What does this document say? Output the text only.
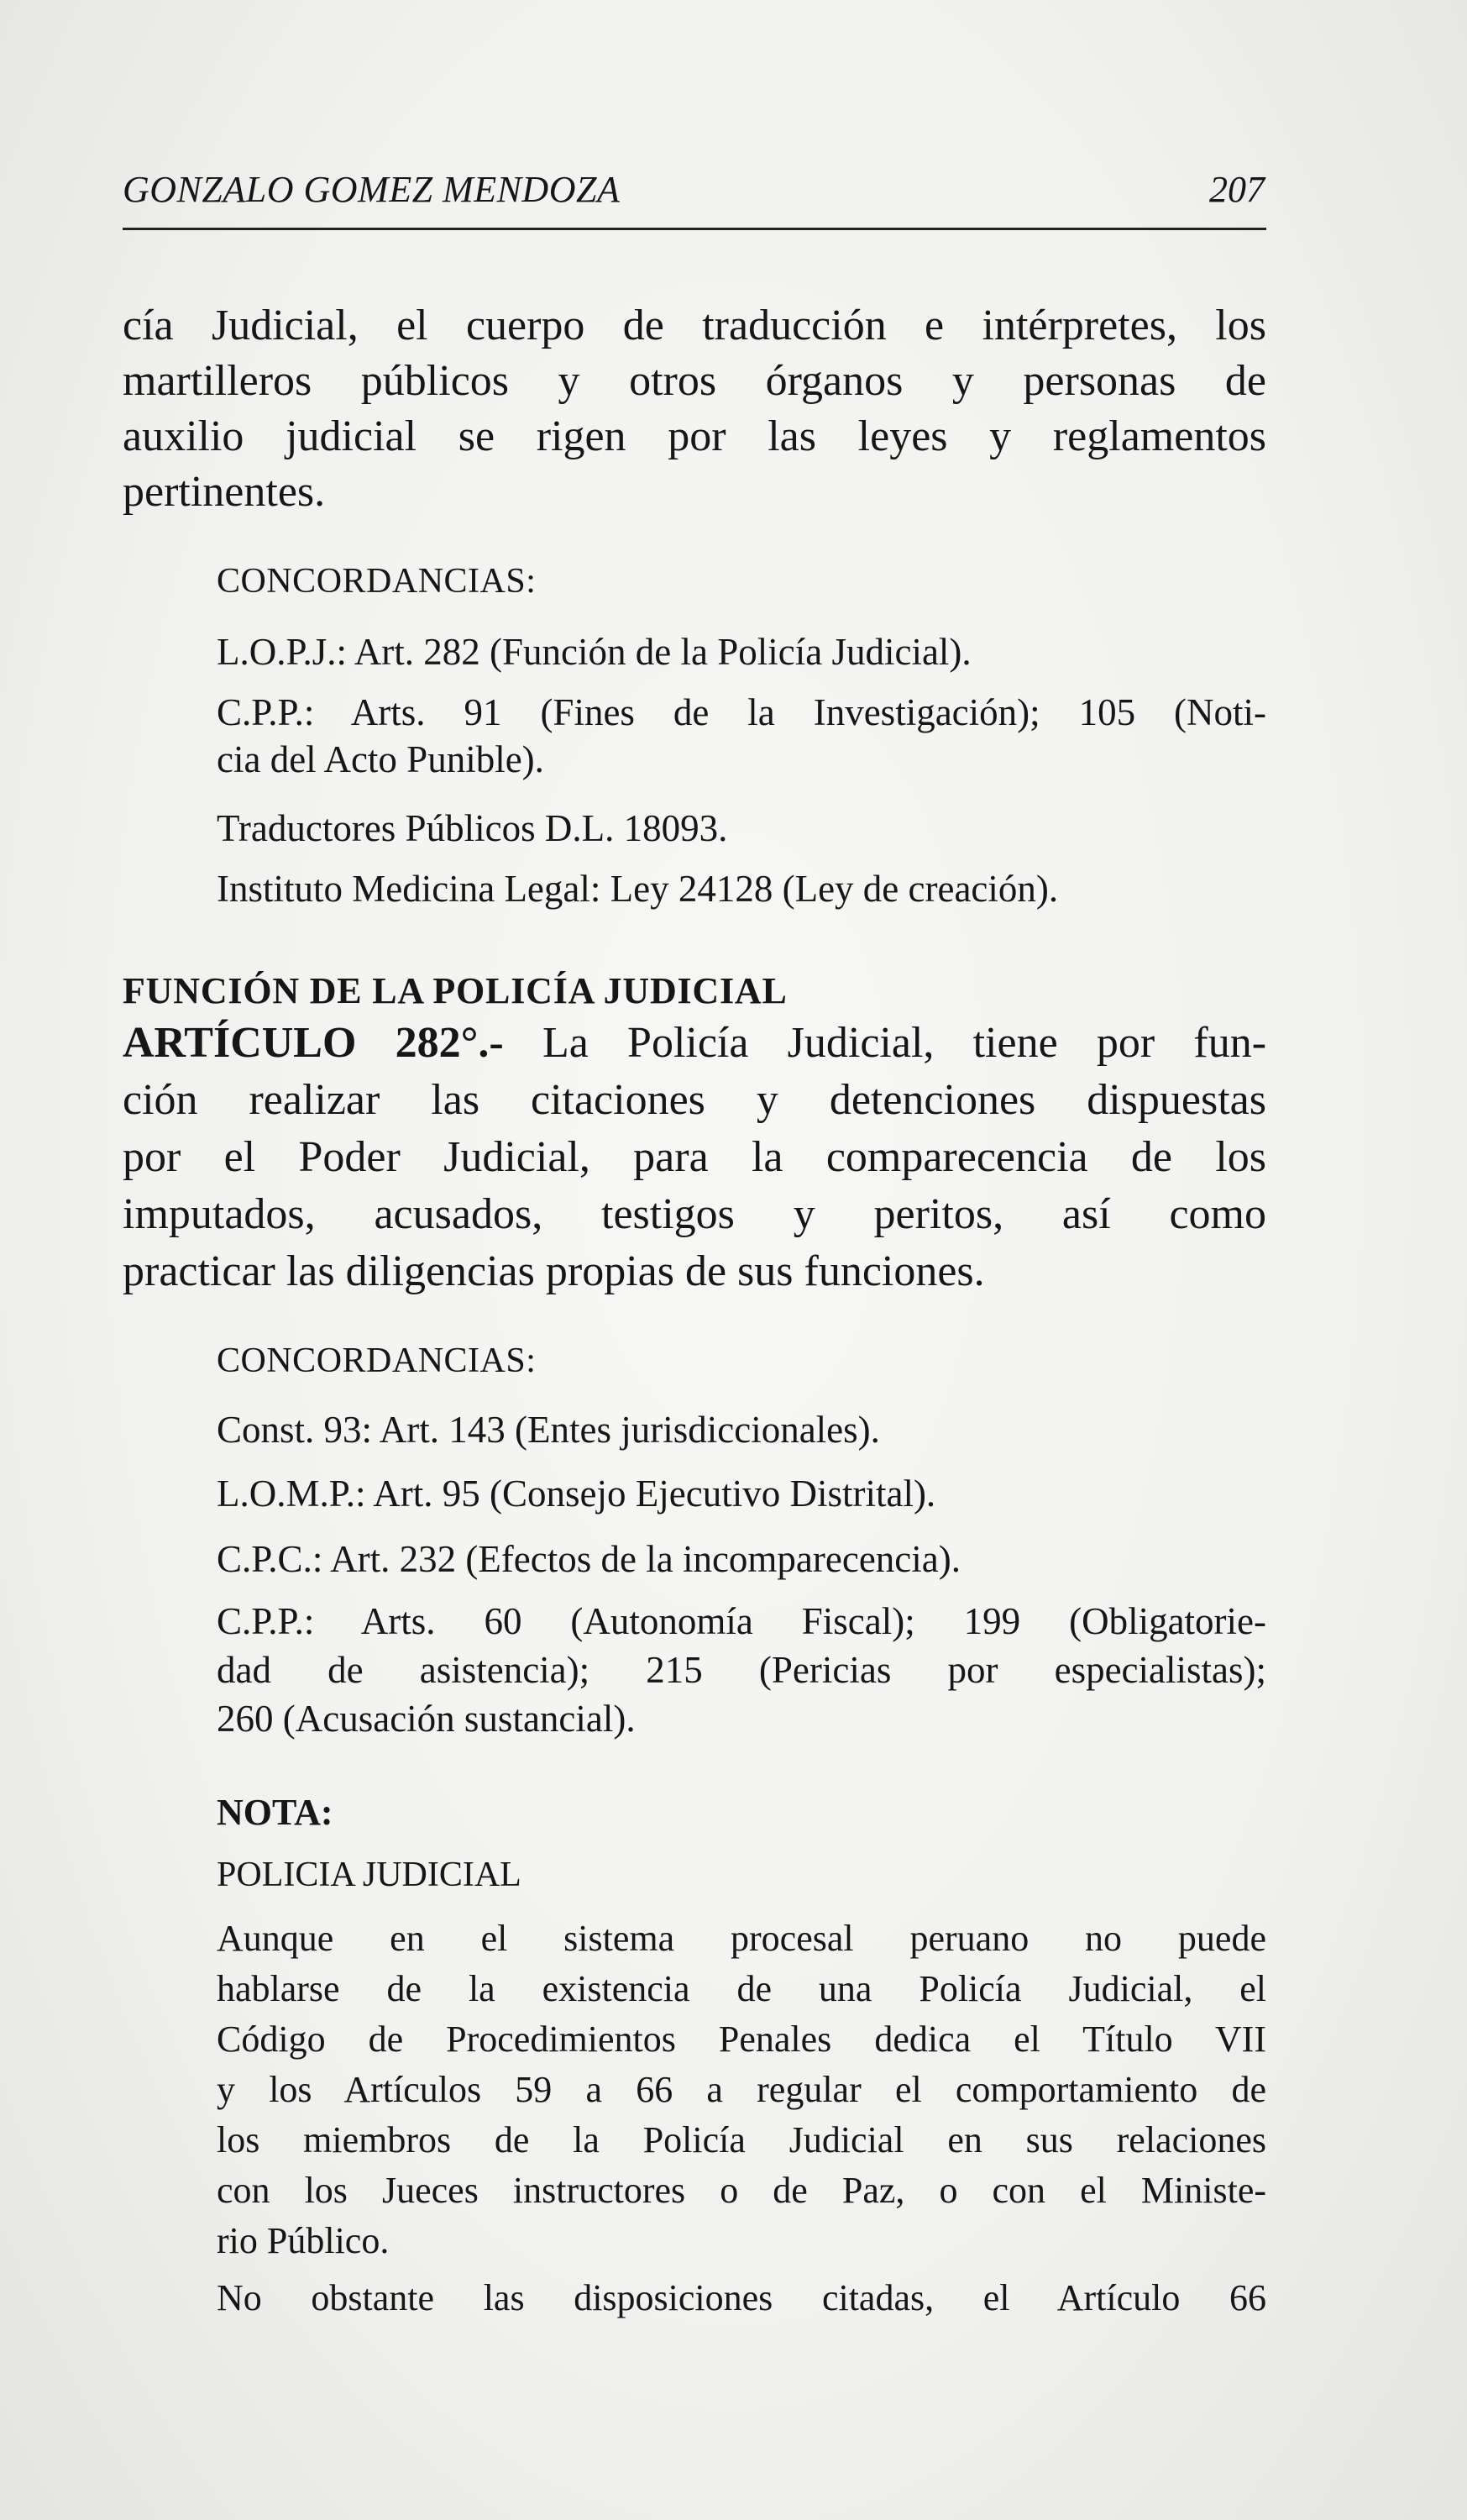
GONZALO GOMEZ MENDOZA	207

cía Judicial, el cuerpo de traducción e intérpretes, los

martilleros públicos y otros órganos y personas de

auxilio judicial se rigen por las leyes y reglamentos

pertinentes.

CONCORDANCIAS:

L.O.P.J.: Art. 282 (Función de la Policía Judicial).

C.P.P.: Arts. 91 (Fines de la Investigación); 105 (Noti-

cia del Acto Punible).

Traductores Públicos D.L. 18093.

Instituto Medicina Legal: Ley 24128 (Ley de creación).

FUNCIÓN DE LA POLICÍA JUDICIAL

ARTÍCULO 282°.- La Policía Judicial, tiene por fun-

ción realizar las citaciones y detenciones dispuestas

por el Poder Judicial, para la comparecencia de los

imputados, acusados, testigos y peritos, así como

practicar las diligencias propias de sus funciones.

CONCORDANCIAS:

Const. 93: Art. 143 (Entes jurisdiccionales).

L.O.M.P.: Art. 95 (Consejo Ejecutivo Distrital).

C.P.C.: Art. 232 (Efectos de la incomparecencia).

C.P.P.: Arts. 60 (Autonomía Fiscal); 199 (Obligatorie-

dad de asistencia); 215 (Pericias por especialistas);

260 (Acusación sustancial).

NOTA:

POLICIA JUDICIAL

Aunque en el sistema procesal peruano no puede

hablarse de la existencia de una Policía Judicial, el

Código de Procedimientos Penales dedica el Título VII

y los Artículos 59 a 66 a regular el comportamiento de

los miembros de la Policía Judicial en sus relaciones

con los Jueces instructores o de Paz, o con el Ministe-

rio Público.

No obstante las disposiciones citadas, el Artículo 66
